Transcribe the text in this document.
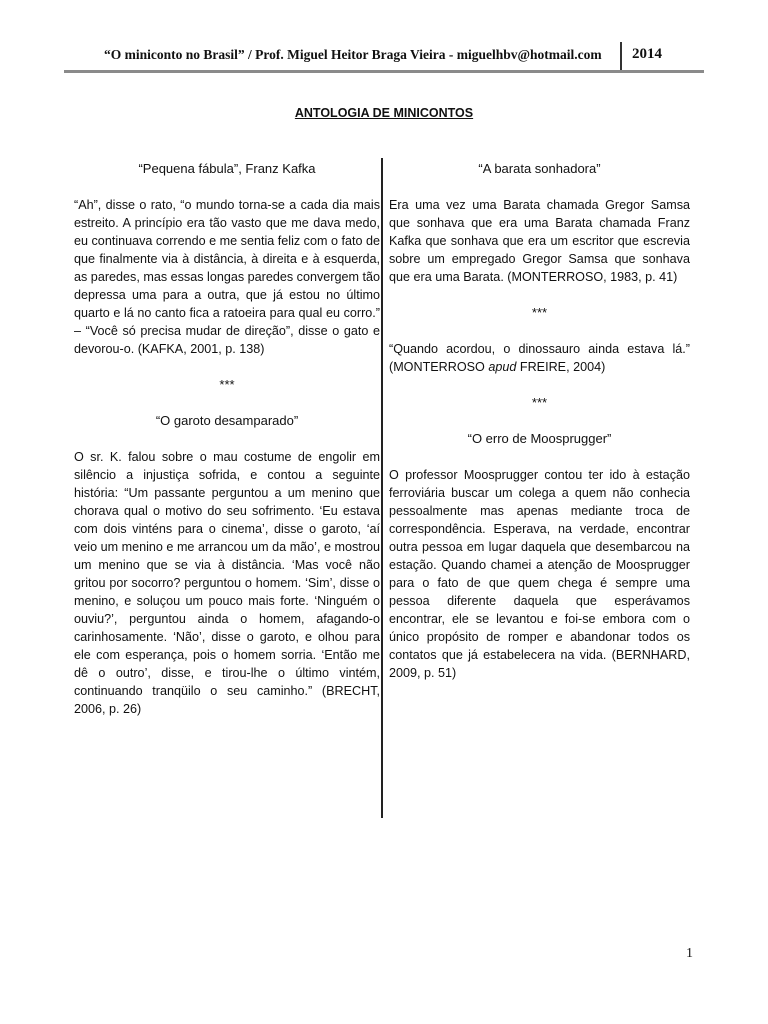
“O miniconto no Brasil” / Prof. Miguel Heitor Braga Vieira - miguelhbv@hotmail.com	2014
ANTOLOGIA DE MINICONTOS

“Pequena fábula”, Franz Kafka

“Ah”, disse o rato, “o mundo torna-se a cada dia mais estreito. A princípio era tão vasto que me dava medo, eu continuava correndo e me sentia feliz com o fato de que finalmente via à distância, à direita e à esquerda, as paredes, mas essas longas paredes convergem tão depressa uma para a outra, que já estou no último quarto e lá no canto fica a ratoeira para qual eu corro.” – “Você só precisa mudar de direção”, disse o gato e devorou-o. (KAFKA, 2001, p. 138)

***

“O garoto desamparado”

O sr. K. falou sobre o mau costume de engolir em silêncio a injustiça sofrida, e contou a seguinte história: “Um passante perguntou a um menino que chorava qual o motivo do seu sofrimento. ‘Eu estava com dois vinténs para o cinema’, disse o garoto, ‘aí veio um menino e me arrancou um da mão’, e mostrou um menino que se via à distância. ‘Mas você não gritou por socorro? perguntou o homem. ‘Sim’, disse o menino, e soluçou um pouco mais forte. ‘Ninguém o ouviu?’, perguntou ainda o homem, afagando-o carinhosamente. ‘Não’, disse o garoto, e olhou para ele com esperança, pois o homem sorria. ‘Então me dê o outro’, disse, e tirou-lhe o último vintém, continuando tranqüilo o seu caminho.” (BRECHT, 2006, p. 26)

“A barata sonhadora”

Era uma vez uma Barata chamada Gregor Samsa que sonhava que era uma Barata chamada Franz Kafka que sonhava que era um escritor que escrevia sobre um empregado Gregor Samsa que sonhava que era uma Barata. (MONTERROSO, 1983, p. 41)

***

“Quando acordou, o dinossauro ainda estava lá.” (MONTERROSO apud FREIRE, 2004)

***

“O erro de Moosprugger”

O professor Moosprugger contou ter ido à estação ferroviária buscar um colega a quem não conhecia pessoalmente mas apenas mediante troca de correspondência. Esperava, na verdade, encontrar outra pessoa em lugar daquela que desembarcou na estação. Quando chamei a atenção de Moosprugger para o fato de que quem chega é sempre uma pessoa diferente daquela que esperávamos encontrar, ele se levantou e foi-se embora com o único propósito de romper e abandonar todos os contatos que já estabelecera na vida. (BERNHARD, 2009, p. 51)

1
